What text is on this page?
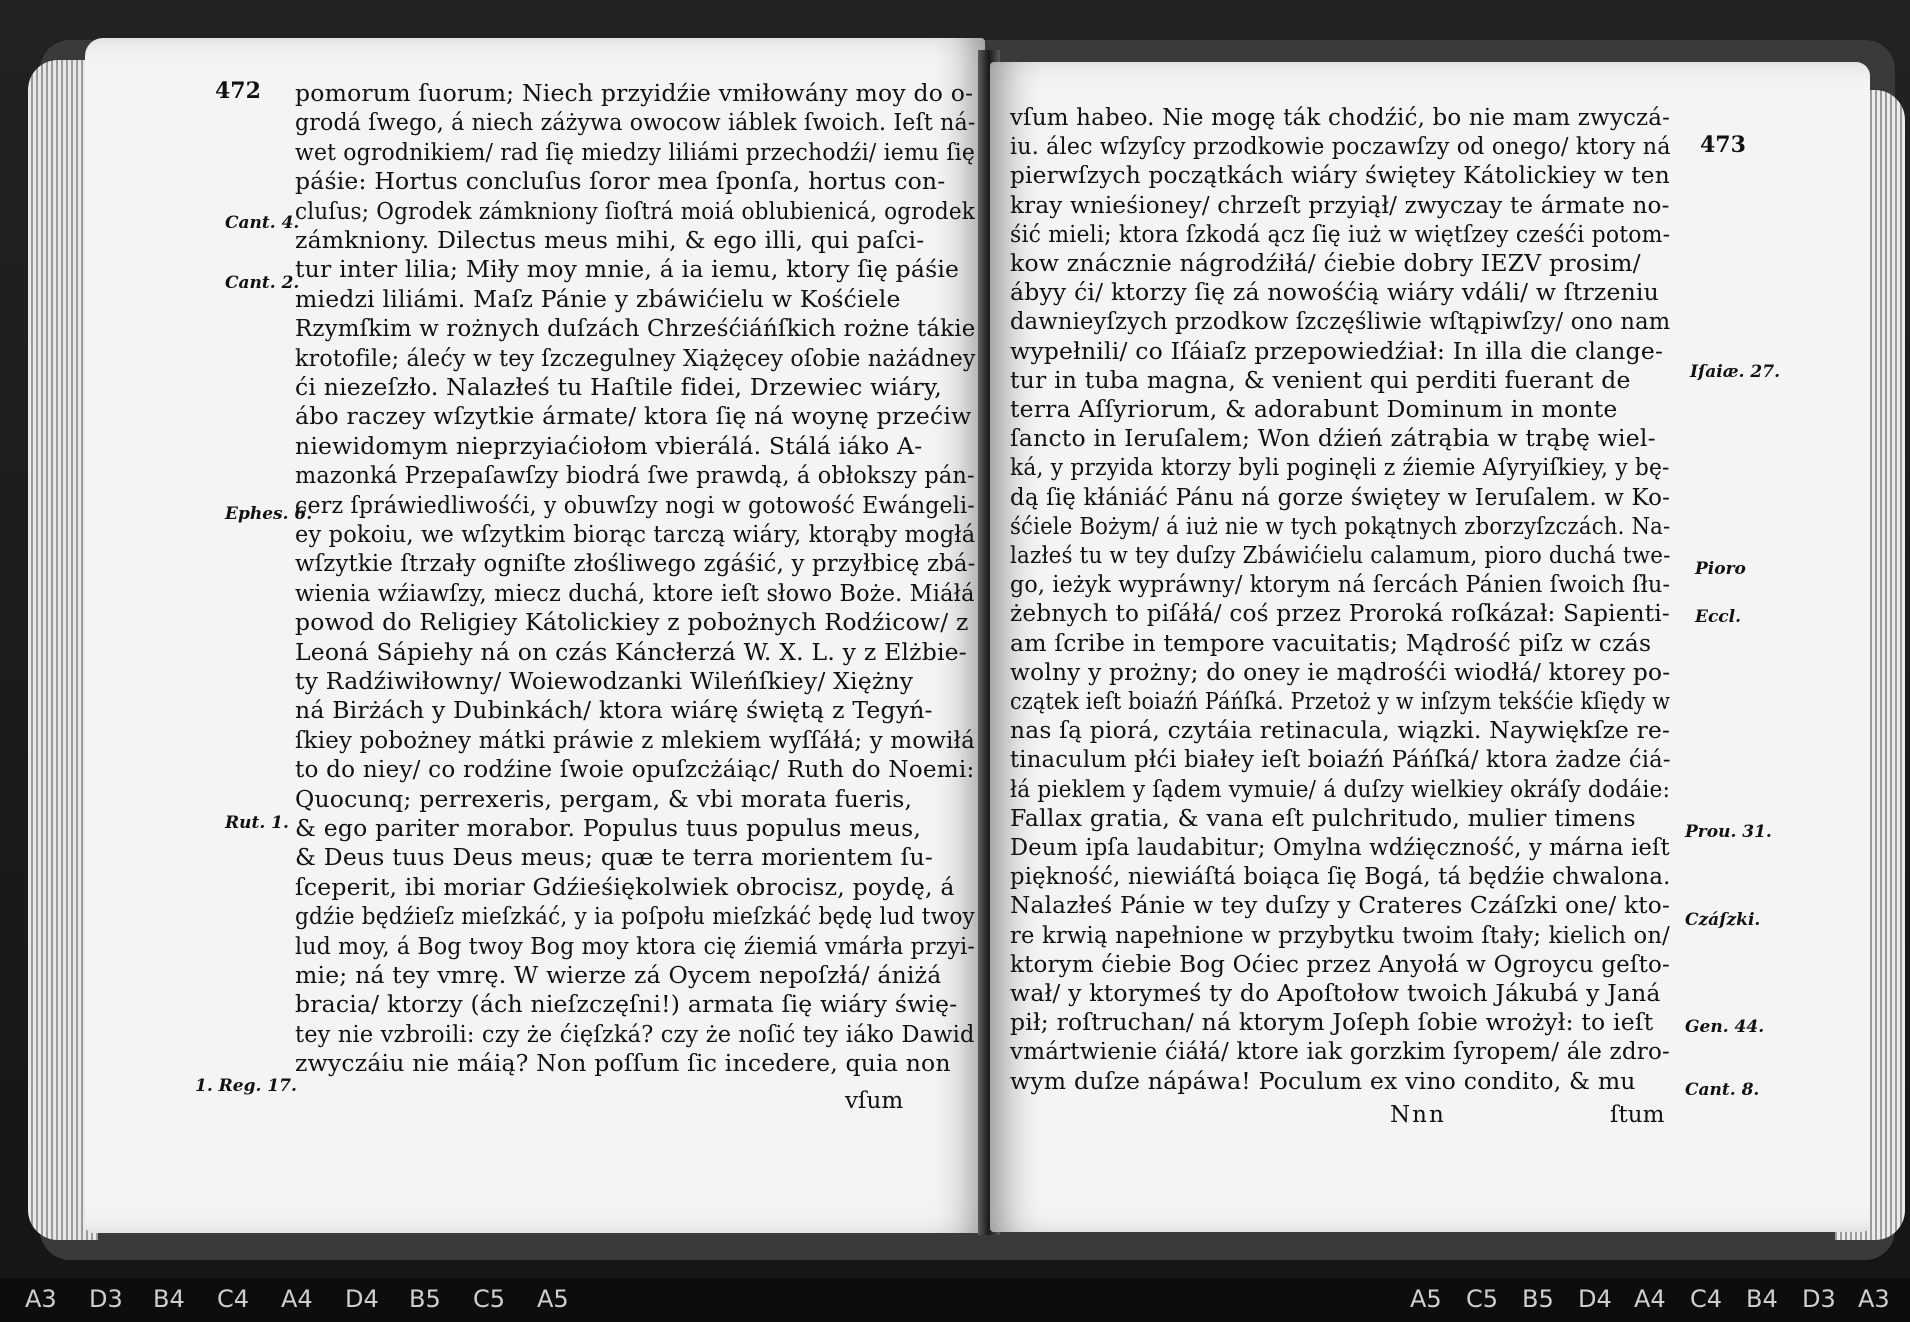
472 pomorum ſuorum; Niech przyidźie vmiłowány moy do o-
grodá ſwego, á niech záżywa owocow iáblek ſwoich. Ieſt ná-
wet ogrodnikiem/ rad ſię miedzy liliámi przechodźi/ iemu ſię
páśie: Hortus concluſus ſoror mea ſponſa, hortus con-
cluſus; Ogrodek zámkniony ſioſtrá moiá oblubienicá, ogrodek
zámkniony. Dilectus meus mihi, & ego illi, qui paſci-
tur inter lilia; Miły moy mnie, á ia iemu, ktory ſię páśie
miedzi liliámi. Maſz Pánie y zbáwićielu w Kośćiele
Rzymſkim w rożnych duſzách Chrześćiáńſkich rożne tákie
krotofile; álećy w tey ſzczegulney Xiążęcey oſobie nażádney
ći niezeſzło. Nalazłeś tu Haſtile fidei, Drzewiec wiáry,
ábo raczey wſzytkie ármate/ ktora ſię ná woynę przećiw
niewidomym nieprzyiaćiołom vbierálá. Stálá iáko A-
mazonká Przepaſawſzy biodrá ſwe prawdą, á obłokszy pán-
cerz ſpráwiedliwośći, y obuwſzy nogi w gotowość Ewángeli-
ey pokoiu, we wſzytkim biorąc tarczą wiáry, ktorąby mogłá
wſzytkie ſtrzały ogniſte złośliwego zgáśić, y przyłbicę zbá-
wienia wźiawſzy, miecz duchá, ktore ieſt słowo Boże. Miáłá
powod do Religiey Kátolickiey z pobożnych Rodźicow/ z
Leoná Sápiehy ná on czás Káncłerzá W. X. L. y z Elżbie-
ty Radźiwiłowny/ Woiewodzanki Wileńſkiey/ Xiężny
ná Birżách y Dubinkách/ ktora wiárę świętą z Tegyń-
ſkiey pobożney mátki práwie z mlekiem wyſſáłá; y mowiłá
to do niey/ co rodźine ſwoie opuſzcżáiąc/ Ruth do Noemi:
Quocunq; perrexeris, pergam, & vbi morata fueris,
& ego pariter morabor. Populus tuus populus meus,
& Deus tuus Deus meus; quæ te terra morientem ſu-
ſceperit, ibi moriar Gdźieśiękolwiek obrocisz, poydę, á
gdźie będźieſz mieſzkáć, y ia poſpołu mieſzkáć będę lud twoy
lud moy, á Bog twoy Bog moy ktora cię źiemiá vmárła przyi-
mie; ná tey vmrę. W wierze zá Oycem nepoſzłá/ ániżá
bracia/ ktorzy (ách nieſzczęſni!) armata ſię wiáry świę-
tey nie vzbroili: czy że ćięſzká? czy że noſić tey iáko Dawid
zwyczáiu nie máią? Non poſſum ſic incedere, quia non
Cant. 4.
Cant. 2.
Ephes. 6.
Rut. 1.
1. Reg. 17.
vſum
473
vſum habeo. Nie mogę ták chodźić, bo nie mam zwyczá-
iu. álec wſzyſcy przodkowie poczawſzy od onego/ ktory ná
pierwſzych początkách wiáry świętey Kátolickiey w ten
kray wnieśioney/ chrzeſt przyiął/ zwyczay te ármate no-
śić mieli; ktora ſzkodá ącz ſię iuż w więtſzey cześći potom-
kow znácznie nágrodźiłá/ ćiebie dobry IEZV prosim/
ábyy ći/ ktorzy ſię zá nowośćią wiáry vdáli/ w ſtrzeniu
dawnieyſzych przodkow ſzczęśliwie wſtąpiwſzy/ ono nam
wypełnili/ co Iſáiaſz przepowiedźiał: In illa die clange-
tur in tuba magna, & venient qui perditi fuerant de
terra Aſſyriorum, & adorabunt Dominum in monte
ſancto in Ieruſalem; Won dźień zátrąbia w trąbę wiel-
ká, y przyida ktorzy byli poginęli z źiemie Aſyryiſkiey, y bę-
dą ſię kłániáć Pánu ná gorze świętey w Ieruſalem. w Ko-
śćiele Bożym/ á iuż nie w tych pokątnych zborzyſzczách. Na-
lazłeś tu w tey duſzy Zbáwićielu calamum, pioro duchá twe-
go, ieżyk wypráwny/ ktorym ná ſercách Pánien ſwoich ſłu-
żebnych to piſáłá/ coś przez Proroká roſkázał: Sapienti-
am ſcribe in tempore vacuitatis; Mądrość piſz w czás
wolny y prożny; do oney ie mądrośći wiodłá/ ktorey po-
czątek ieſt boiaźń Páńſká. Przetoż y w inſzym tekśćie kſiędy w
nas ſą piorá, czytáia retinacula, wiązki. Naywiękſze re-
tinaculum płći białey ieſt boiaźń Páńſká/ ktora żadze ćiá-
łá pieklem y ſądem vymuie/ á duſzy wielkiey okráſy dodáie:
Fallax gratia, & vana eſt pulchritudo, mulier timens
Deum ipſa laudabitur; Omylna wdźięczność, y márna ieſt
piękność, niewiáſtá boiąca ſię Bogá, tá będźie chwalona.
Nalazłeś Pánie w tey duſzy y Crateres Czáſzki one/ kto-
re krwią napełnione w przybytku twoim ſtały; kielich on/
ktorym ćiebie Bog Oćiec przez Anyołá w Ogroycu geſto-
wał/ y ktorymeś ty do Apoſtołow twoich Jákubá y Janá
pił; roſtruchan/ ná ktorym Joſeph ſobie wrożył: to ieſt
vmártwienie ćiáłá/ ktore iak gorzkim ſyropem/ ále zdro-
wym duſze nápáwa! Poculum ex vino condito, & mu
Iſaiæ. 27.
Pioro
Eccl.
Prou. 31.
Czáſzki.
Gen. 44.
Cant. 8.
Nnn	ſtum
A3 D3 B4 C4 A4 D4 B5 C5 A5	A5 C5 B5 D4 A4 C4 B4 D3 A3
